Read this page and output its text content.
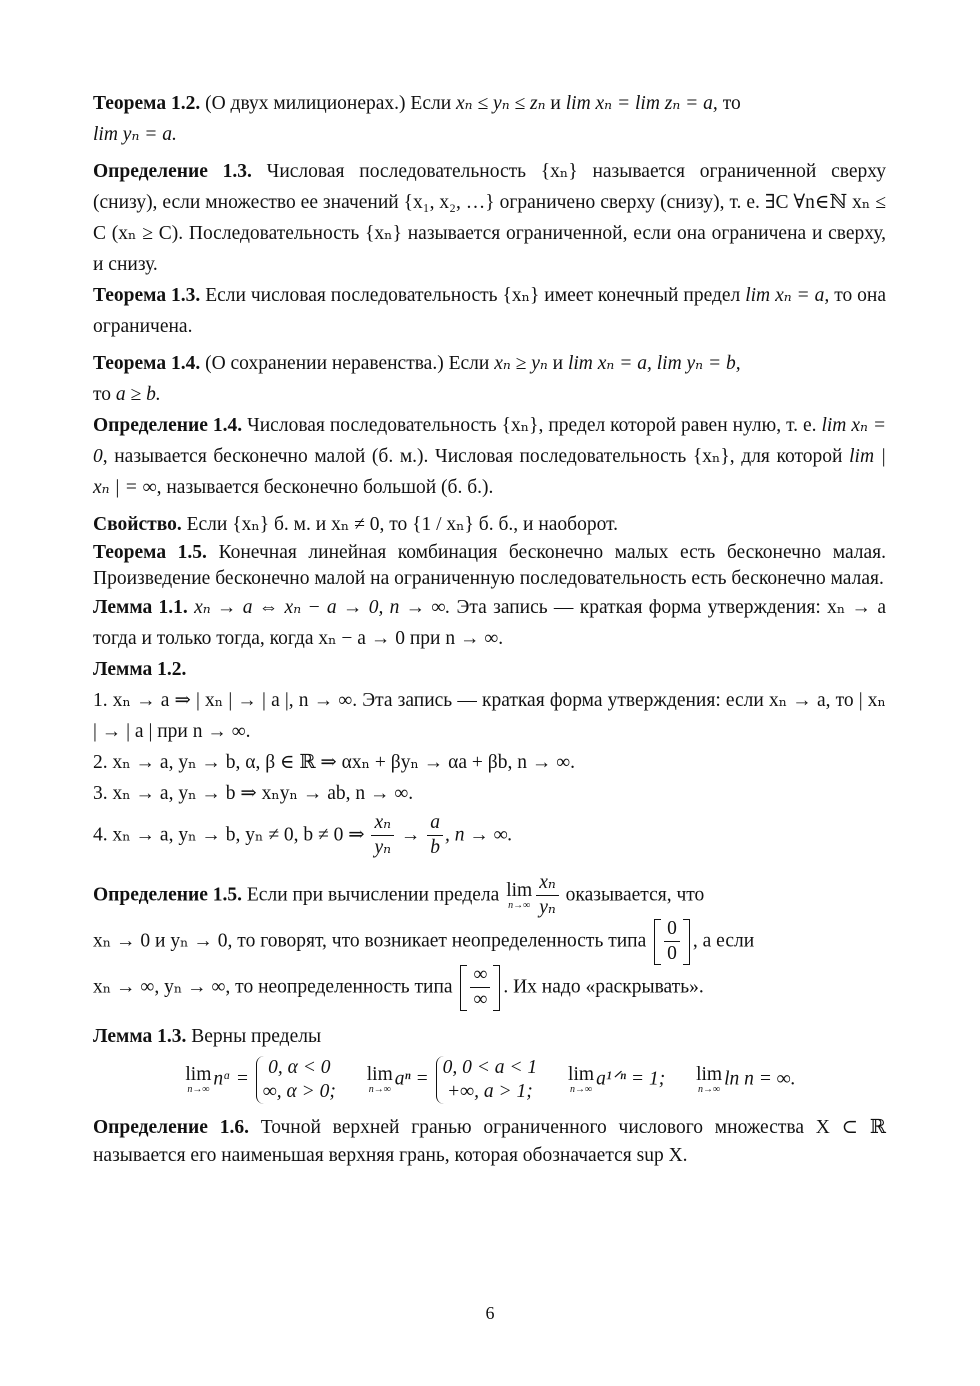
Теорема 1.2. (О двух милиционерах.) Если xₙ ≤ yₙ ≤ zₙ и lim xₙ = lim zₙ = a, то
lim yₙ = a.

Определение 1.3. Числовая последовательность {xₙ} называется ограниченной сверху (снизу), если множество ее значений {x₁, x₂, …} ограничено сверху (снизу), т. е. ∃C ∀n∈ℕ xₙ ≤ C (xₙ ≥ C). Последовательность {xₙ} называется ограниченной, если она ограничена и сверху, и снизу.

Теорема 1.3. Если числовая последовательность {xₙ} имеет конечный предел lim xₙ = a, то она ограничена.

Теорема 1.4. (О сохранении неравенства.) Если xₙ ≥ yₙ и lim xₙ = a, lim yₙ = b,
то a ≥ b.

Определение 1.4. Числовая последовательность {xₙ}, предел которой равен нулю, т. е. lim xₙ = 0, называется бесконечно малой (б. м.). Числовая последовательность {xₙ}, для которой lim | xₙ | = ∞, называется бесконечно большой (б. б.).

Свойство. Если {xₙ} б. м. и xₙ ≠ 0, то {1 / xₙ} б. б., и наоборот.

Теорема 1.5. Конечная линейная комбинация бесконечно малых есть бесконечно малая. Произведение бесконечно малой на ограниченную последовательность есть бесконечно малая.

Лемма 1.1. xₙ → a ⇔ xₙ − a → 0, n → ∞. Эта запись — краткая форма утверждения: xₙ → a тогда и только тогда, когда xₙ − a → 0 при n → ∞.

Лемма 1.2.

1. xₙ → a ⇒ | xₙ | → | a |, n → ∞. Эта запись — краткая форма утверждения: если xₙ → a, то | xₙ | → | a | при n → ∞.

2. xₙ → a, yₙ → b, α, β ∈ ℝ ⇒ αxₙ + βyₙ → αa + βb, n → ∞.

3. xₙ → a, yₙ → b ⇒ xₙyₙ → ab, n → ∞.

4. xₙ → a, yₙ → b, yₙ ≠ 0, b ≠ 0 ⇒ $\frac{\text{xₙ}}{\text{yₙ}} \to \frac{a}{b}$ , n → ∞.

Определение 1.5. Если при вычислении предела lim
$n\to\infty \frac{\text{xₙ}}{\text{yₙ}}$ оказывается, что
xₙ → 0 и yₙ → 0, то говорят, что возникает неопределенность типа $\frac{0}{0}$ , а если
xₙ → ∞, yₙ → ∞, то неопределенность типа $\frac{\infty}{\infty}$ . Их надо «раскрывать».

Лемма 1.3. Верны пределы

lim
n→∞
nᵅ =
0, α < 0
∞, α > 0;

lim
n→∞
aⁿ =
0, 0 < a < 1
+∞, a > 1;

lim
n→∞
a¹ᐟⁿ = 1; lim
n→∞
ln n = ∞.

Определение 1.6. Точной верхней гранью ограниченного числового множества X ⊂ ℝ называется его наименьшая верхняя грань, которая обозначается sup X.

6
